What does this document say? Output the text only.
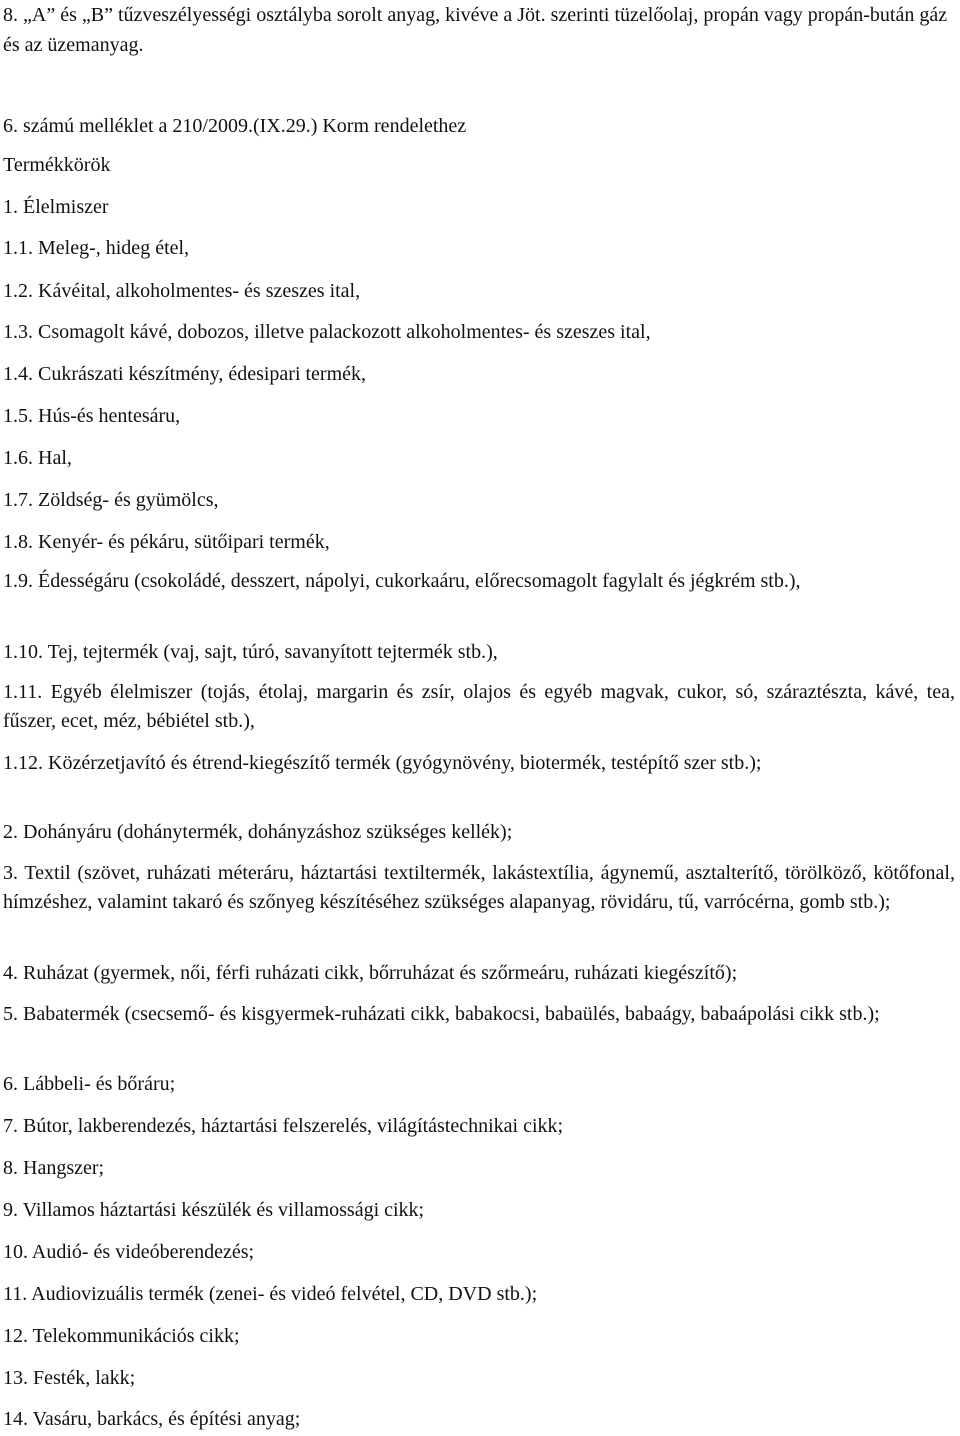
8. „A” és „B” tűzveszélyességi osztályba sorolt anyag, kivéve a Jöt. szerinti tüzelőolaj, propán vagy propán-bután gáz és az üzemanyag.
6. számú melléklet a 210/2009.(IX.29.) Korm rendelethez
Termékkörök
1. Élelmiszer
1.1. Meleg-, hideg étel,
1.2. Kávéital, alkoholmentes- és szeszes ital,
1.3. Csomagolt kávé, dobozos, illetve palackozott alkoholmentes- és szeszes ital,
1.4. Cukrászati készítmény, édesipari termék,
1.5. Hús-és hentesáru,
1.6. Hal,
1.7. Zöldség- és gyümölcs,
1.8. Kenyér- és pékáru, sütőipari termék,
1.9. Édességáru (csokoládé, desszert, nápolyi, cukorkaáru, előrecsomagolt fagylalt és jégkrém stb.),
1.10. Tej, tejtermék (vaj, sajt, túró, savanyított tejtermék stb.),
1.11. Egyéb élelmiszer (tojás, étolaj, margarin és zsír, olajos és egyéb magvak, cukor, só, száraztészta, kávé, tea, fűszer, ecet, méz, bébiétel stb.),
1.12. Közérzetjavító és étrend-kiegészítő termék (gyógynövény, biotermék, testépítő szer stb.);
2. Dohányáru (dohánytermék, dohányzáshoz szükséges kellék);
3. Textil (szövet, ruházati méteráru, háztartási textiltermék, lakástextília, ágynemű, asztalterítő, törölköző, kötőfonal, hímzéshez, valamint takaró és szőnyeg készítéséhez szükséges alapanyag, rövidáru, tű, varrócérna, gomb stb.);
4. Ruházat (gyermek, női, férfi ruházati cikk, bőrruházat és szőrmeáru, ruházati kiegészítő);
5. Babatermék (csecsemő- és kisgyermek-ruházati cikk, babakocsi, babaülés, babaágy, babaápolási cikk stb.);
6. Lábbeli- és bőráru;
7. Bútor, lakberendezés, háztartási felszerelés, világítástechnikai cikk;
8. Hangszer;
9. Villamos háztartási készülék és villamossági cikk;
10. Audió- és videóberendezés;
11. Audiovizuális termék (zenei- és videó felvétel, CD, DVD stb.);
12. Telekommunikációs cikk;
13. Festék, lakk;
14. Vasáru, barkács, és építési anyag;
